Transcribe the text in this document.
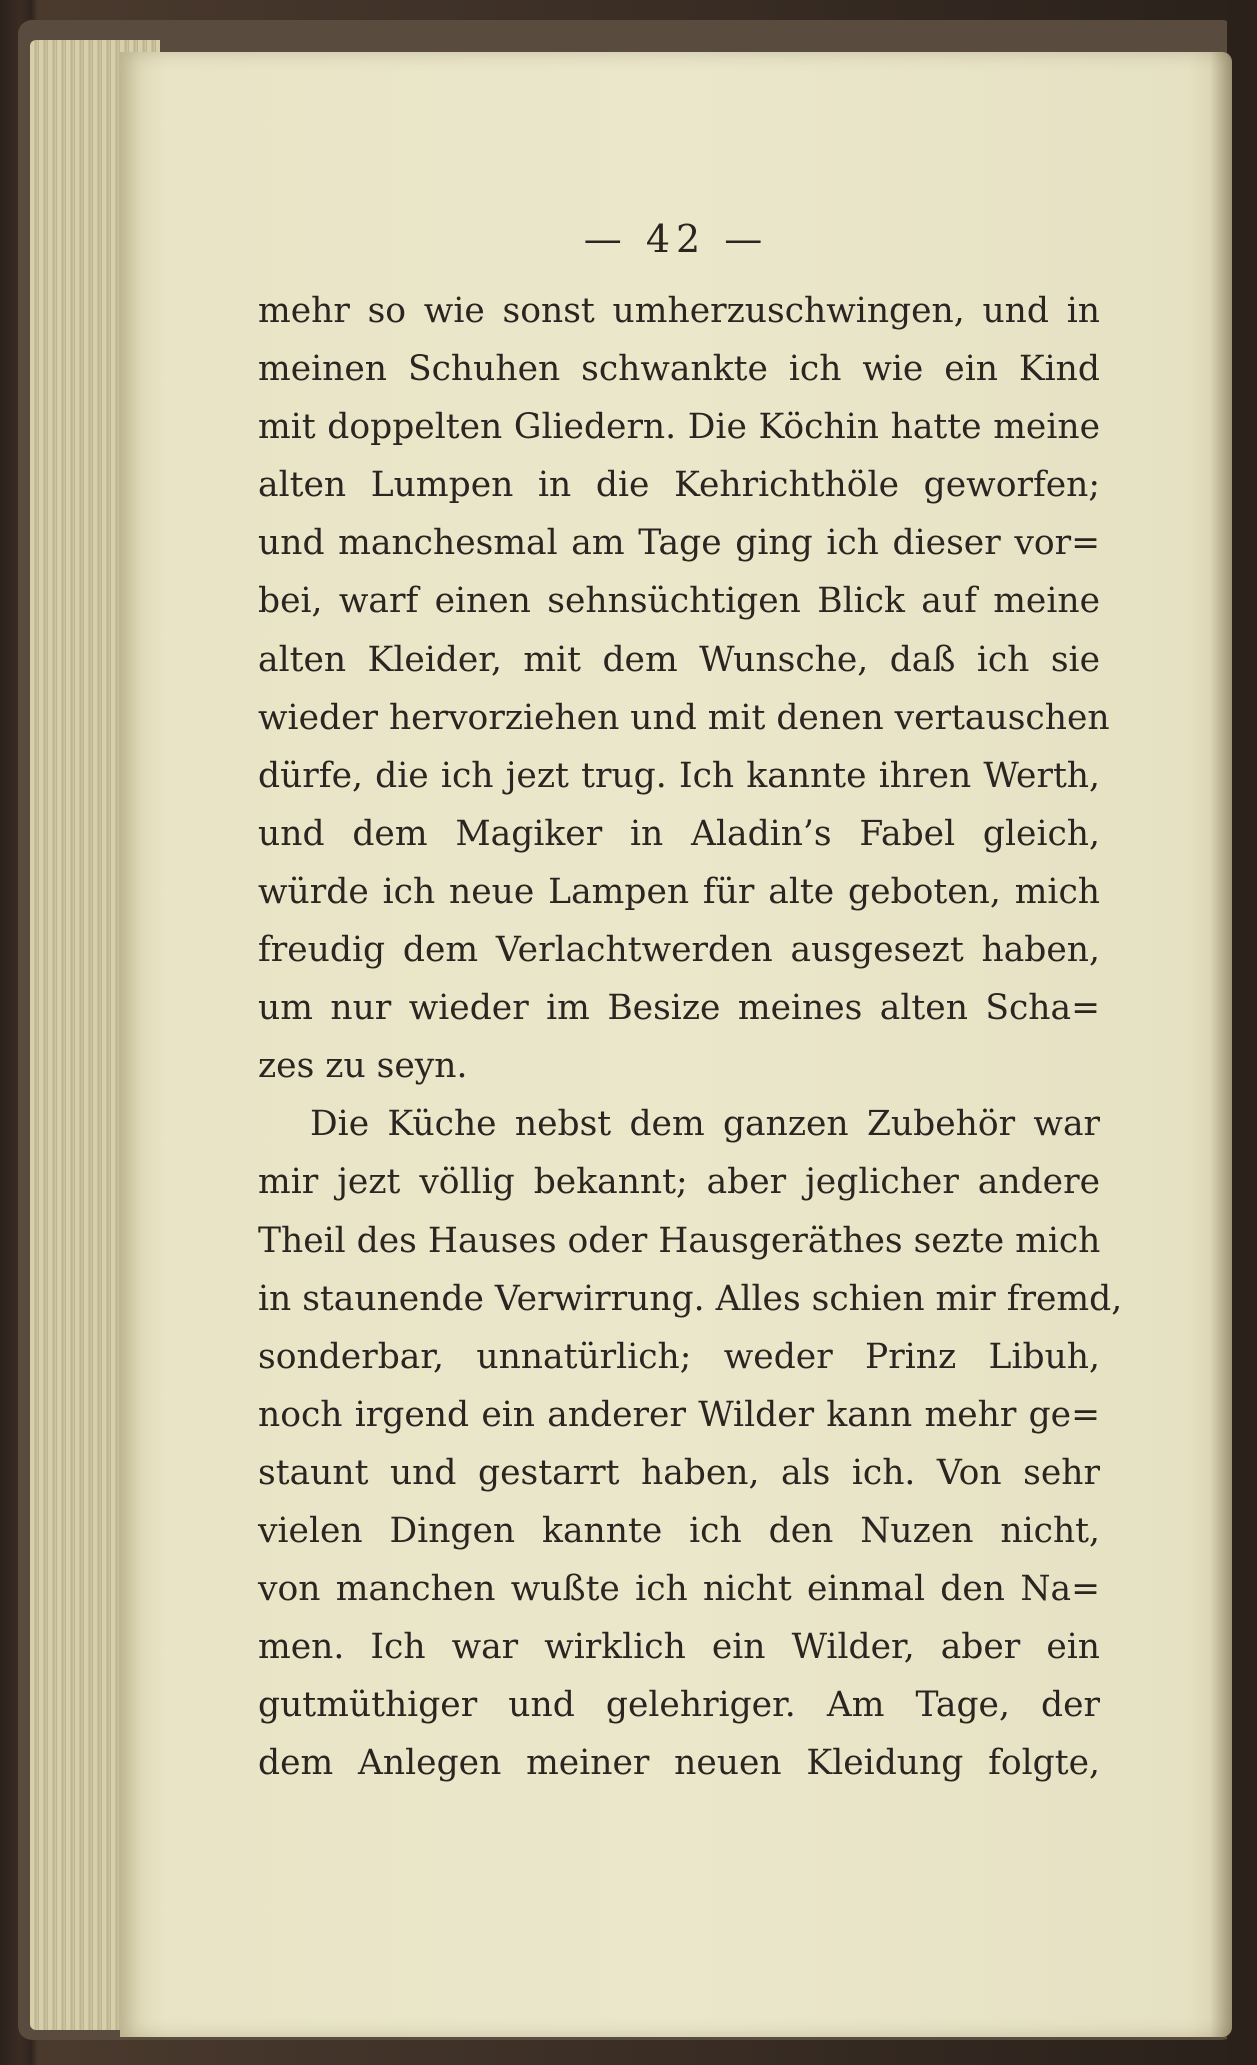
— 42 —
mehr so wie sonst umherzuschwingen, und in
meinen Schuhen schwankte ich wie ein Kind
mit doppelten Gliedern. Die Köchin hatte meine
alten Lumpen in die Kehrichthöle geworfen;
und manchesmal am Tage ging ich dieser vor=
bei, warf einen sehnsüchtigen Blick auf meine
alten Kleider, mit dem Wunsche, daß ich sie
wieder hervorziehen und mit denen vertauschen
dürfe, die ich jezt trug. Ich kannte ihren Werth,
und dem Magiker in Aladin’s Fabel gleich,
würde ich neue Lampen für alte geboten, mich
freudig dem Verlachtwerden ausgesezt haben,
um nur wieder im Besize meines alten Scha=
zes zu seyn.
Die Küche nebst dem ganzen Zubehör war
mir jezt völlig bekannt; aber jeglicher andere
Theil des Hauses oder Hausgeräthes sezte mich
in staunende Verwirrung. Alles schien mir fremd,
sonderbar, unnatürlich; weder Prinz Libuh,
noch irgend ein anderer Wilder kann mehr ge=
staunt und gestarrt haben, als ich. Von sehr
vielen Dingen kannte ich den Nuzen nicht,
von manchen wußte ich nicht einmal den Na=
men. Ich war wirklich ein Wilder, aber ein
gutmüthiger und gelehriger. Am Tage, der
dem Anlegen meiner neuen Kleidung folgte,
